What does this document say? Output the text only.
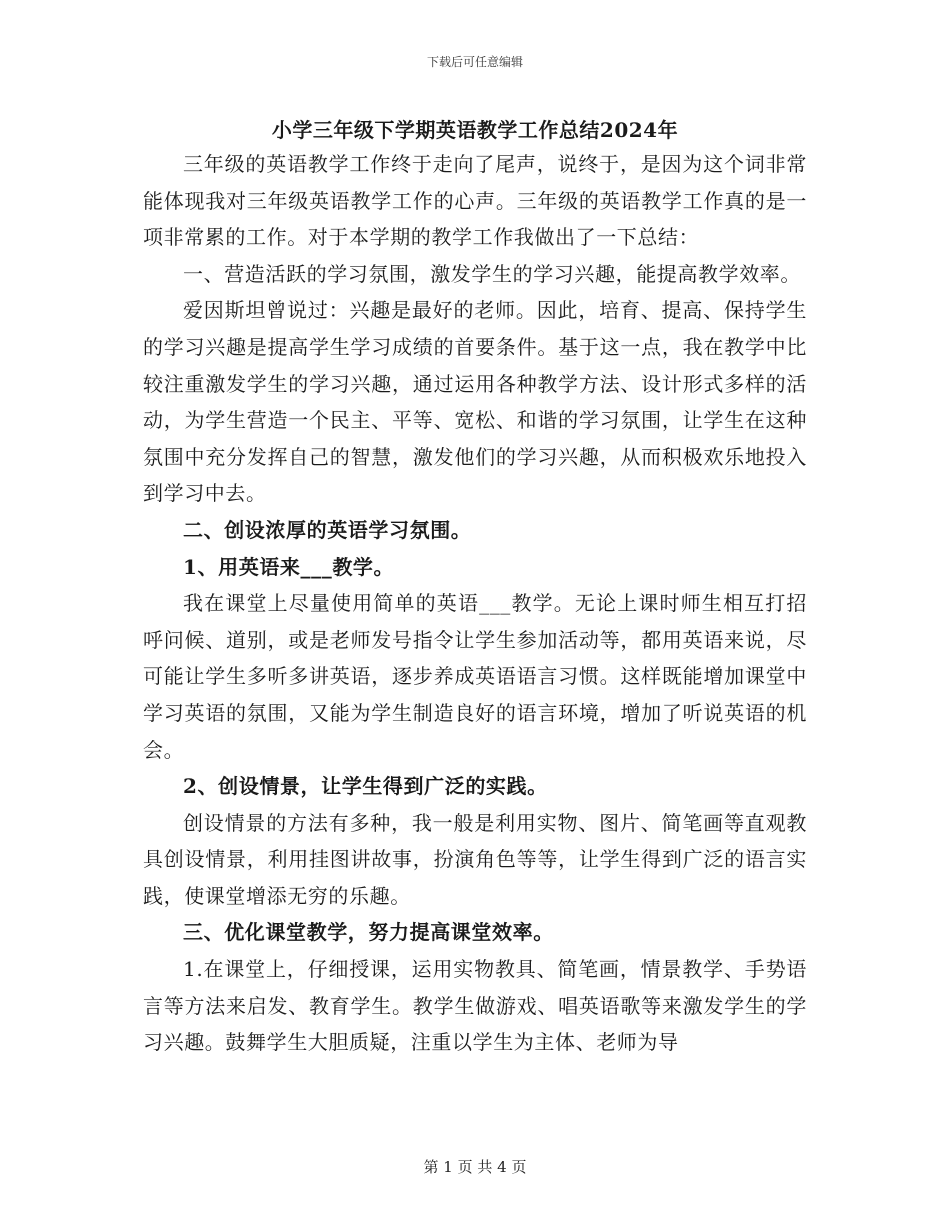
下载后可任意编辑
小学三年级下学期英语教学工作总结2024年

三年级的英语教学工作终于走向了尾声，说终于，是因为这个词非常能体现我对三年级英语教学工作的心声。三年级的英语教学工作真的是一项非常累的工作。对于本学期的教学工作我做出了一下总结：

一、营造活跃的学习氛围，激发学生的学习兴趣，能提高教学效率。

爱因斯坦曾说过：兴趣是最好的老师。因此，培育、提高、保持学生的学习兴趣是提高学生学习成绩的首要条件。基于这一点，我在教学中比较注重激发学生的学习兴趣，通过运用各种教学方法、设计形式多样的活动，为学生营造一个民主、平等、宽松、和谐的学习氛围，让学生在这种氛围中充分发挥自己的智慧，激发他们的学习兴趣，从而积极欢乐地投入到学习中去。

二、创设浓厚的英语学习氛围。

1、用英语来___教学。

我在课堂上尽量使用简单的英语___教学。无论上课时师生相互打招呼问候、道别，或是老师发号指令让学生参加活动等，都用英语来说，尽可能让学生多听多讲英语，逐步养成英语语言习惯。这样既能增加课堂中学习英语的氛围，又能为学生制造良好的语言环境，增加了听说英语的机会。

2、创设情景，让学生得到广泛的实践。

创设情景的方法有多种，我一般是利用实物、图片、简笔画等直观教具创设情景，利用挂图讲故事，扮演角色等等，让学生得到广泛的语言实践，使课堂增添无穷的乐趣。

三、优化课堂教学，努力提高课堂效率。

1.在课堂上，仔细授课，运用实物教具、简笔画，情景教学、手势语言等方法来启发、教育学生。教学生做游戏、唱英语歌等来激发学生的学习兴趣。鼓舞学生大胆质疑，注重以学生为主体、老师为导

第 1 页 共 4 页
